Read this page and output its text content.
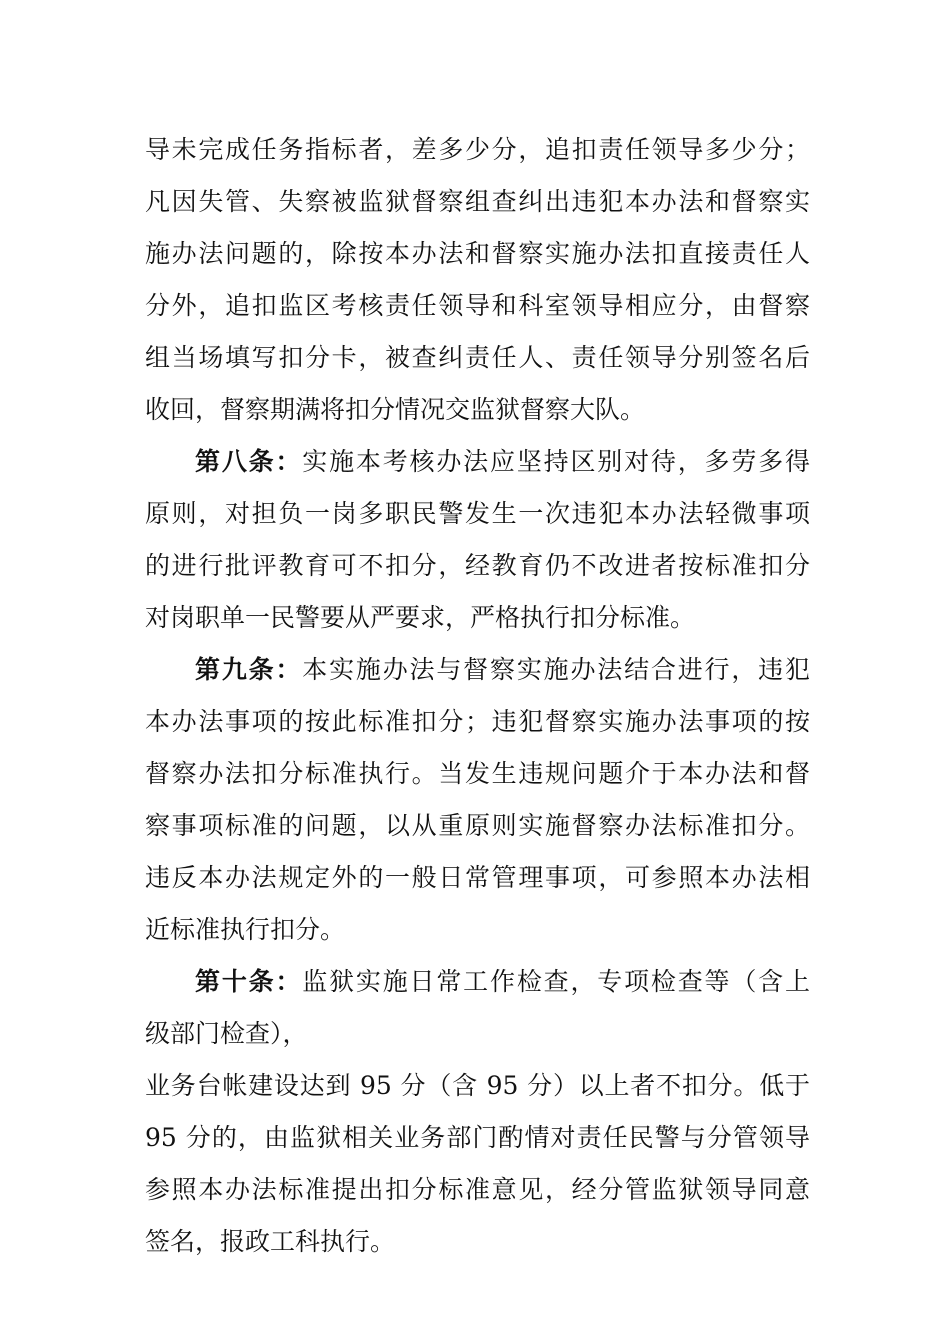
导未完成任务指标者，差多少分，追扣责任领导多少分；
凡因失管、失察被监狱督察组查纠出违犯本办法和督察实
施办法问题的，除按本办法和督察实施办法扣直接责任人
分外，追扣监区考核责任领导和科室领导相应分，由督察
组当场填写扣分卡，被查纠责任人、责任领导分别签名后
收回，督察期满将扣分情况交监狱督察大队。
第八条：实施本考核办法应坚持区别对待，多劳多得
原则，对担负一岗多职民警发生一次违犯本办法轻微事项
的进行批评教育可不扣分，经教育仍不改进者按标准扣分
对岗职单一民警要从严要求，严格执行扣分标准。
第九条：本实施办法与督察实施办法结合进行，违犯
本办法事项的按此标准扣分；违犯督察实施办法事项的按
督察办法扣分标准执行。当发生违规问题介于本办法和督
察事项标准的问题，以从重原则实施督察办法标准扣分。
违反本办法规定外的一般日常管理事项，可参照本办法相
近标准执行扣分。
第十条：监狱实施日常工作检查，专项检查等（含上
级部门检查），
业务台帐建设达到 95 分（含 95 分）以上者不扣分。低于
95 分的，由监狱相关业务部门酌情对责任民警与分管领导
参照本办法标准提出扣分标准意见，经分管监狱领导同意
签名，报政工科执行。
